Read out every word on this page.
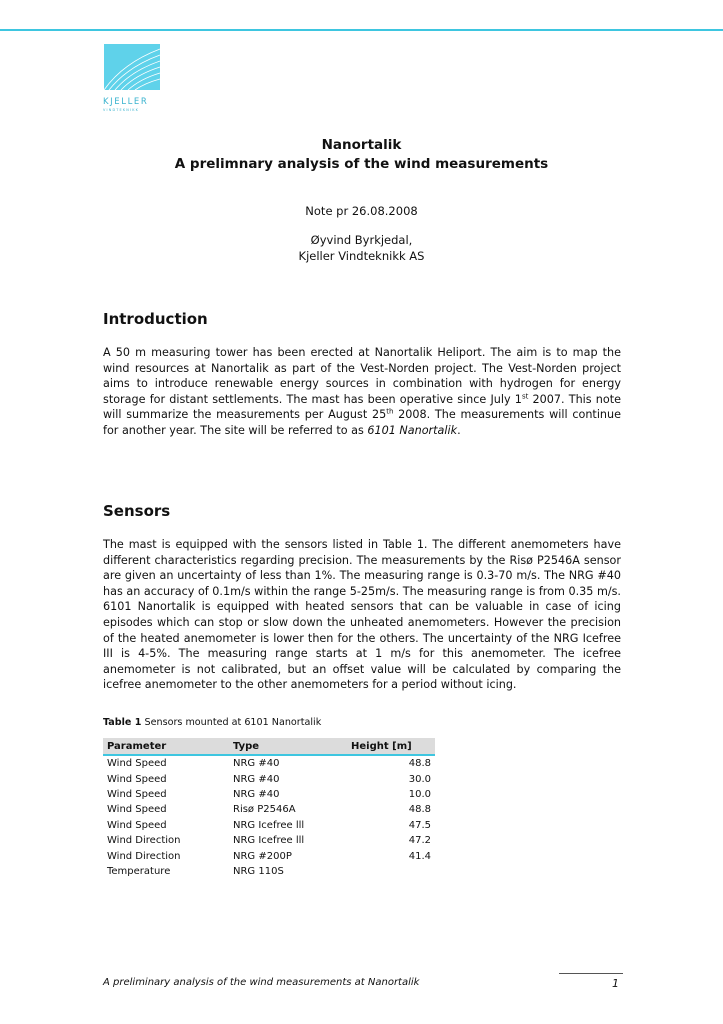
KJELLER
VINDTEKNIKK
Nanortalik
A prelimnary analysis of the wind measurements
Note pr 26.08.2008
Øyvind Byrkjedal,
Kjeller Vindteknikk AS
Introduction

A 50 m measuring tower has been erected at Nanortalik Heliport. The aim is to map the wind resources at Nanortalik as part of the Vest-Norden project. The Vest-Norden project aims to introduce renewable energy sources in combination with hydrogen for energy storage for distant settlements. The mast has been operative since July 1st 2007. This note will summarize the measurements per August 25th 2008. The measurements will continue for another year. The site will be referred to as 6101 Nanortalik.

Sensors

The mast is equipped with the sensors listed in Table 1. The different anemometers have different characteristics regarding precision. The measurements by the Risø P2546A sensor are given an uncertainty of less than 1%. The measuring range is 0.3-70 m/s. The NRG #40 has an accuracy of 0.1m/s within the range 5-25m/s. The measuring range is from 0.35 m/s. 6101 Nanortalik is equipped with heated sensors that can be valuable in case of icing episodes which can stop or slow down the unheated anemometers. However the precision of the heated anemometer is lower then for the others. The uncertainty of the NRG Icefree III is 4-5%. The measuring range starts at 1 m/s for this anemometer. The icefree anemometer is not calibrated, but an offset value will be calculated by comparing the icefree anemometer to the other anemometers for a period without icing.

Table 1 Sensors mounted at 6101 Nanortalik
Parameter	Type	Height [m]
Wind Speed	NRG #40	48.8
Wind Speed	NRG #40	30.0
Wind Speed	NRG #40	10.0
Wind Speed	Risø P2546A	48.8
Wind Speed	NRG Icefree lll	47.5
Wind Direction	NRG Icefree lll	47.2
Wind Direction	NRG #200P	41.4
Temperature	NRG 110S	
A preliminary analysis of the wind measurements at Nanortalik	1
